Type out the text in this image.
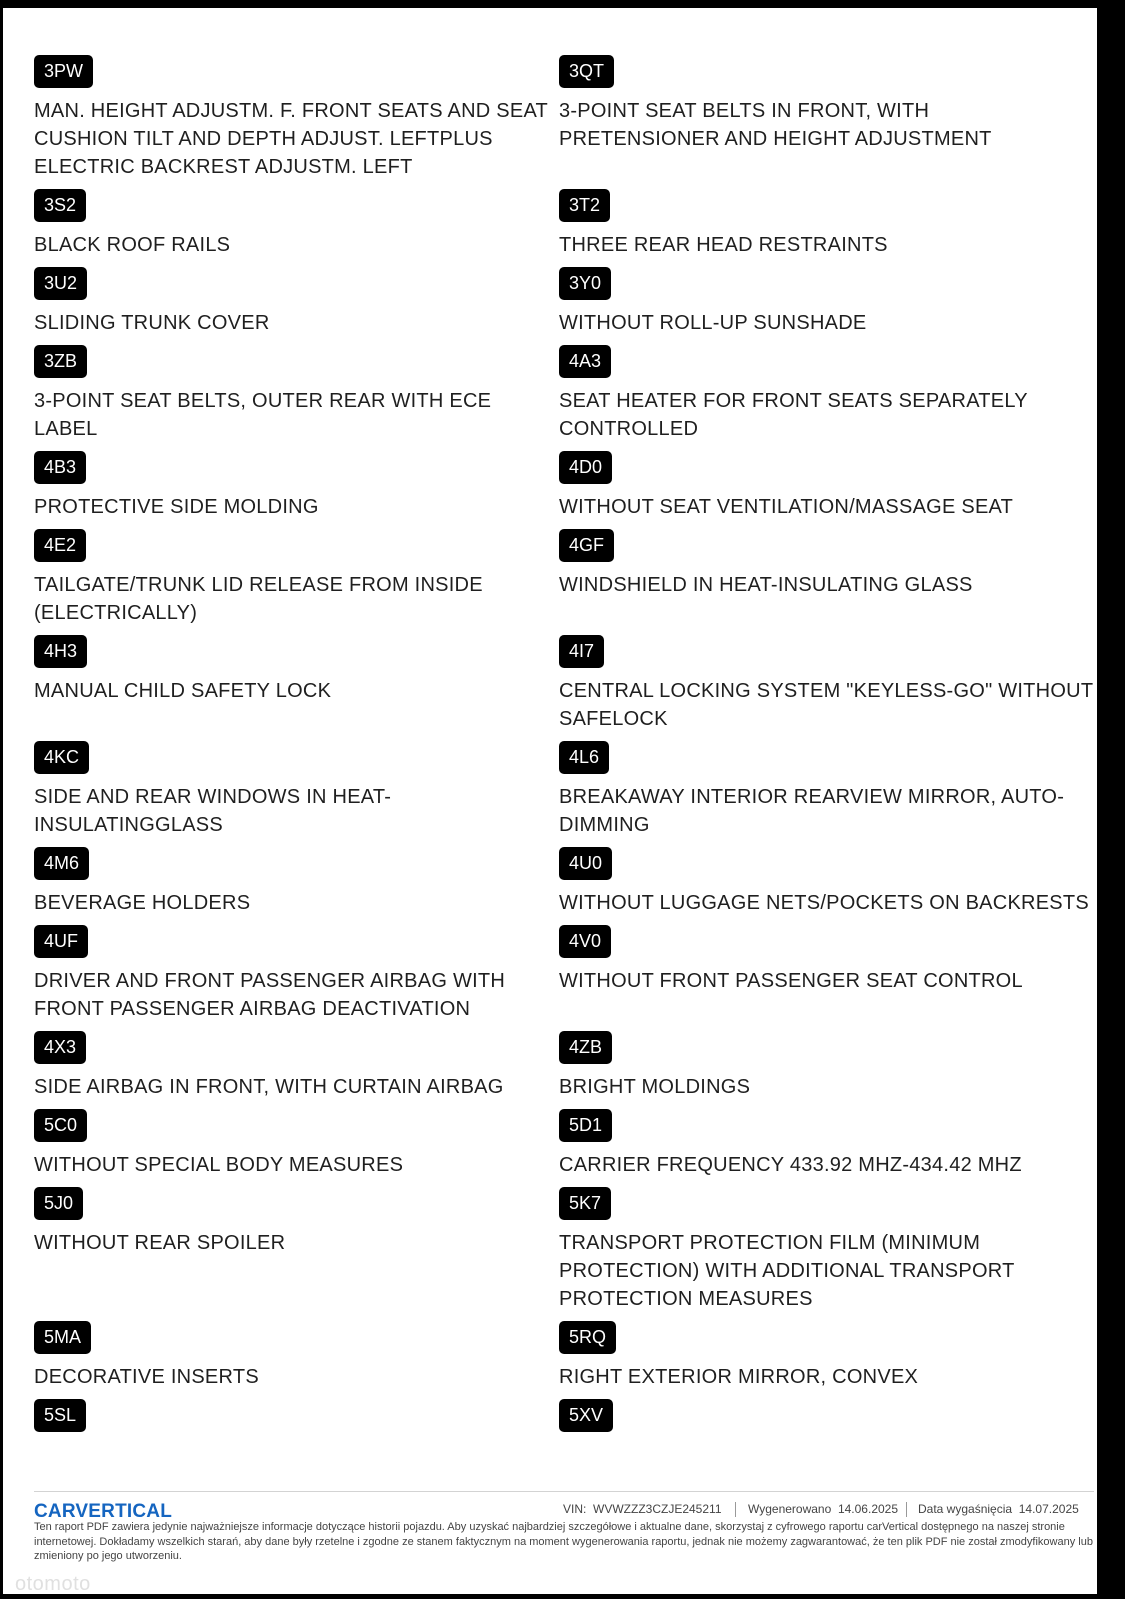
3PW
MAN. HEIGHT ADJUSTM. F. FRONT SEATS AND SEAT CUSHION TILT AND DEPTH ADJUST. LEFTPLUS ELECTRIC BACKREST ADJUSTM. LEFT
3QT
3-POINT SEAT BELTS IN FRONT, WITH PRETENSIONER AND HEIGHT ADJUSTMENT
3S2
BLACK ROOF RAILS
3T2
THREE REAR HEAD RESTRAINTS
3U2
SLIDING TRUNK COVER
3Y0
WITHOUT ROLL-UP SUNSHADE
3ZB
3-POINT SEAT BELTS, OUTER REAR WITH ECE LABEL
4A3
SEAT HEATER FOR FRONT SEATS SEPARATELY CONTROLLED
4B3
PROTECTIVE SIDE MOLDING
4D0
WITHOUT SEAT VENTILATION/MASSAGE SEAT
4E2
TAILGATE/TRUNK LID RELEASE FROM INSIDE (ELECTRICALLY)
4GF
WINDSHIELD IN HEAT-INSULATING GLASS
4H3
MANUAL CHILD SAFETY LOCK
4I7
CENTRAL LOCKING SYSTEM "KEYLESS-GO" WITHOUT SAFELOCK
4KC
SIDE AND REAR WINDOWS IN HEAT-INSULATINGGLASS
4L6
BREAKAWAY INTERIOR REARVIEW MIRROR, AUTO-DIMMING
4M6
BEVERAGE HOLDERS
4U0
WITHOUT LUGGAGE NETS/POCKETS ON BACKRESTS
4UF
DRIVER AND FRONT PASSENGER AIRBAG WITH FRONT PASSENGER AIRBAG DEACTIVATION
4V0
WITHOUT FRONT PASSENGER SEAT CONTROL
4X3
SIDE AIRBAG IN FRONT, WITH CURTAIN AIRBAG
4ZB
BRIGHT MOLDINGS
5C0
WITHOUT SPECIAL BODY MEASURES
5D1
CARRIER FREQUENCY 433.92 MHZ-434.42 MHZ
5J0
WITHOUT REAR SPOILER
5K7
TRANSPORT PROTECTION FILM (MINIMUM PROTECTION) WITH ADDITIONAL TRANSPORT PROTECTION MEASURES
5MA
DECORATIVE INSERTS
5RQ
RIGHT EXTERIOR MIRROR, CONVEX
5SL	5XV
CARVERTICAL	VIN: WVWZZZ3CZJE245211 Wygenerowano 14.06.2025 Data wygaśnięcia 14.07.2025
Ten raport PDF zawiera jedynie najważniejsze informacje dotyczące historii pojazdu. Aby uzyskać najbardziej szczegółowe i aktualne dane, skorzystaj z cyfrowego raportu carVertical dostępnego na naszej stronie internetowej. Dokładamy wszelkich starań, aby dane były rzetelne i zgodne ze stanem faktycznym na moment wygenerowania raportu, jednak nie możemy zagwarantować, że ten plik PDF nie został zmodyfikowany lub zmieniony po jego utworzeniu.
otomoto
